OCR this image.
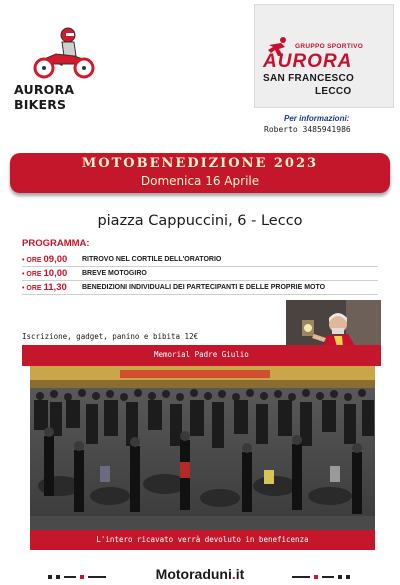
AURORA BIKERS
GRUPPO SPORTIVO
AURORA
SAN FRANCESCO
LECCO
Per informazioni:
Roberto 3485941986
MOTOBENEDIZIONE 2023
Domenica 16 Aprile
piazza Cappuccini, 6 - Lecco
PROGRAMMA:
• ORE 09,00	RITROVO NEL CORTILE DELL'ORATORIO
• ORE 10,00	BREVE MOTOGIRO
• ORE 11,30	BENEDIZIONI INDIVIDUALI DEI PARTECIPANTI E DELLE PROPRIE MOTO
Iscrizione, gadget, panino e bibita 12€
Memorial Padre Giulio
L'intero ricavato verrà devoluto in beneficenza
Motoraduni.it
